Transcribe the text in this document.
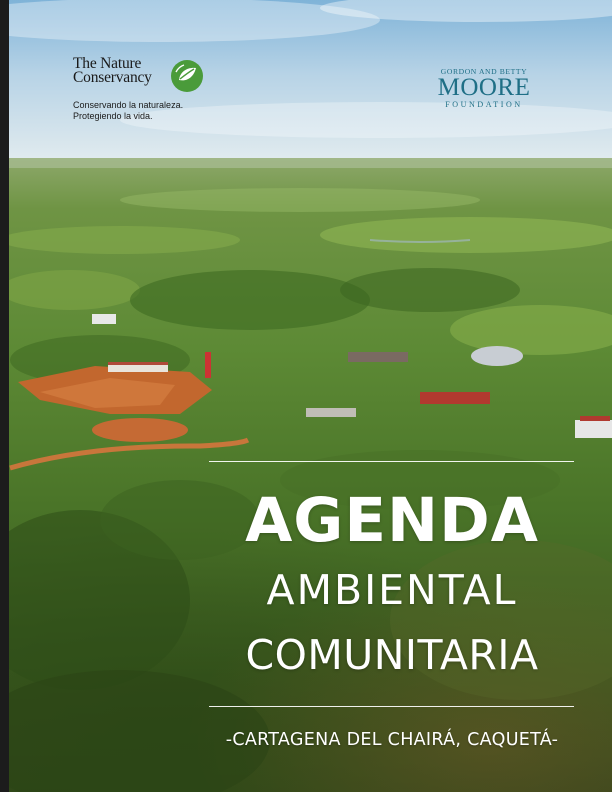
The Nature
Conservancy
Conservando la naturaleza.
Protegiendo la vida.
GORDON AND BETTY
MOORE
FOUNDATION
AGENDA
AMBIENTAL
COMUNITARIA
-CARTAGENA DEL CHAIRÁ, CAQUETÁ-
